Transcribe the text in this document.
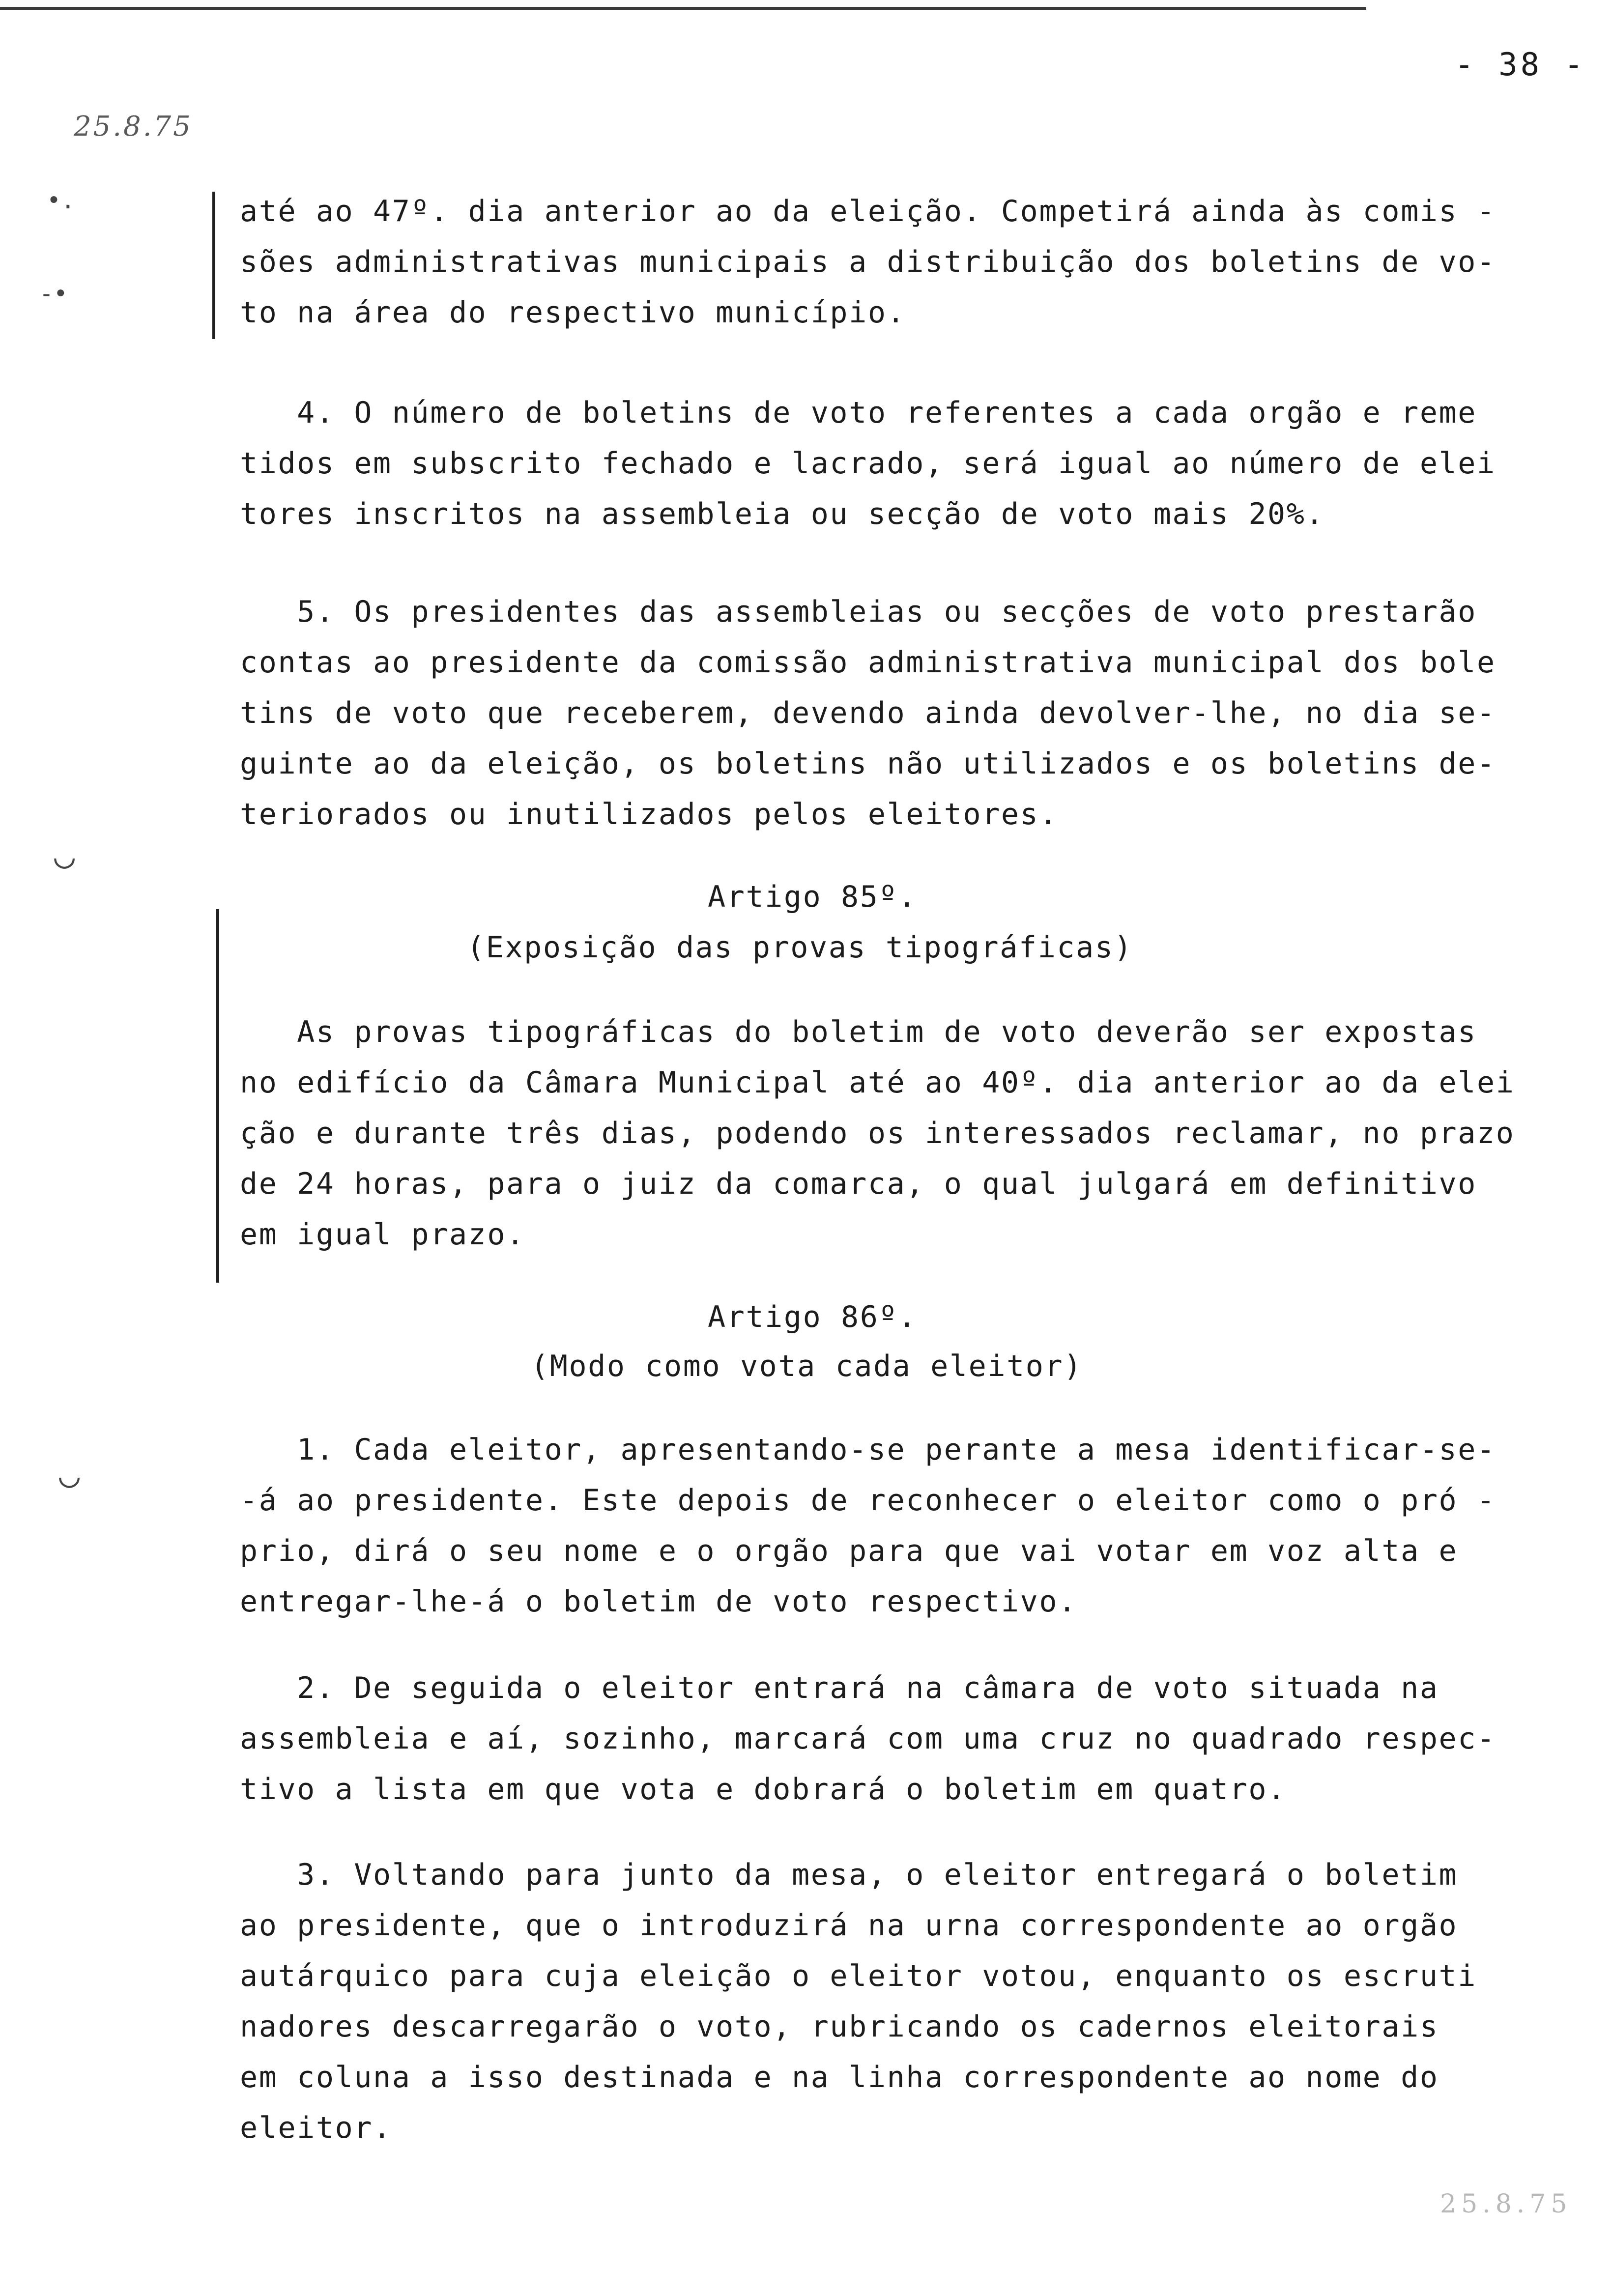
- 38 -
25.8.75
•.
-•
◡
◡
até ao 47º. dia anterior ao da eleição. Competirá ainda às comis -
sões administrativas municipais a distribuição dos boletins de vo-
to na área do respectivo município.
4. O número de boletins de voto referentes a cada orgão e reme
tidos em subscrito fechado e lacrado, será igual ao número de elei
tores inscritos na assembleia ou secção de voto mais 20%.
5. Os presidentes das assembleias ou secções de voto prestarão
contas ao presidente da comissão administrativa municipal dos bole
tins de voto que receberem, devendo ainda devolver-lhe, no dia se-
guinte ao da eleição, os boletins não utilizados e os boletins de-
teriorados ou inutilizados pelos eleitores.
Artigo 85º.
(Exposição das provas tipográficas)
As provas tipográficas do boletim de voto deverão ser expostas
no edifício da Câmara Municipal até ao 40º. dia anterior ao da elei
ção e durante três dias, podendo os interessados reclamar, no prazo
de 24 horas, para o juiz da comarca, o qual julgará em definitivo
em igual prazo.
Artigo 86º.
(Modo como vota cada eleitor)
1. Cada eleitor, apresentando-se perante a mesa identificar-se-
-á ao presidente. Este depois de reconhecer o eleitor como o pró -
prio, dirá o seu nome e o orgão para que vai votar em voz alta e
entregar-lhe-á o boletim de voto respectivo.
2. De seguida o eleitor entrará na câmara de voto situada na
assembleia e aí, sozinho, marcará com uma cruz no quadrado respec-
tivo a lista em que vota e dobrará o boletim em quatro.
3. Voltando para junto da mesa, o eleitor entregará o boletim
ao presidente, que o introduzirá na urna correspondente ao orgão
autárquico para cuja eleição o eleitor votou, enquanto os escruti
nadores descarregarão o voto, rubricando os cadernos eleitorais
em coluna a isso destinada e na linha correspondente ao nome do
eleitor.
25.8.75
